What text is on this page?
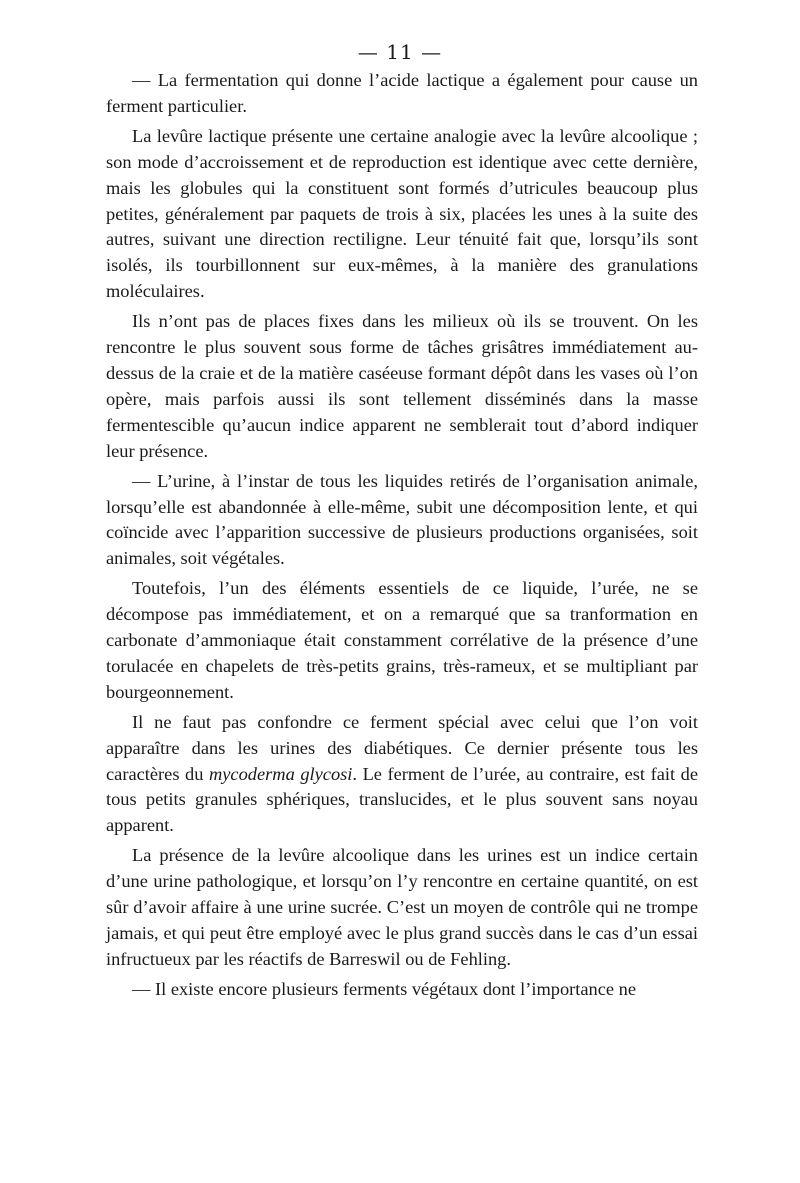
— 11 —

— La fermentation qui donne l’acide lactique a également pour cause un ferment particulier.

La levûre lactique présente une certaine analogie avec la levûre alcoolique ; son mode d’accroissement et de reproduction est identique avec cette dernière, mais les globules qui la constituent sont formés d’utricules beaucoup plus petites, généralement par paquets de trois à six, placées les unes à la suite des autres, suivant une direction rectiligne. Leur ténuité fait que, lorsqu’ils sont isolés, ils tourbillonnent sur eux-mêmes, à la manière des granulations moléculaires.

Ils n’ont pas de places fixes dans les milieux où ils se trouvent. On les rencontre le plus souvent sous forme de tâches grisâtres immédiatement au-dessus de la craie et de la matière caséeuse formant dépôt dans les vases où l’on opère, mais parfois aussi ils sont tellement disséminés dans la masse fermentescible qu’aucun indice apparent ne semblerait tout d’abord indiquer leur présence.

— L’urine, à l’instar de tous les liquides retirés de l’organisation animale, lorsqu’elle est abandonnée à elle-même, subit une décomposition lente, et qui coïncide avec l’apparition successive de plusieurs productions organisées, soit animales, soit végétales.

Toutefois, l’un des éléments essentiels de ce liquide, l’urée, ne se décompose pas immédiatement, et on a remarqué que sa tranformation en carbonate d’ammoniaque était constamment corrélative de la présence d’une torulacée en chapelets de très-petits grains, très-rameux, et se multipliant par bourgeonnement.

Il ne faut pas confondre ce ferment spécial avec celui que l’on voit apparaître dans les urines des diabétiques. Ce dernier présente tous les caractères du mycoderma glycosi. Le ferment de l’urée, au contraire, est fait de tous petits granules sphériques, translucides, et le plus souvent sans noyau apparent.

La présence de la levûre alcoolique dans les urines est un indice certain d’une urine pathologique, et lorsqu’on l’y rencontre en certaine quantité, on est sûr d’avoir affaire à une urine sucrée. C’est un moyen de contrôle qui ne trompe jamais, et qui peut être employé avec le plus grand succès dans le cas d’un essai infructueux par les réactifs de Barreswil ou de Fehling.

— Il existe encore plusieurs ferments végétaux dont l’importance ne
